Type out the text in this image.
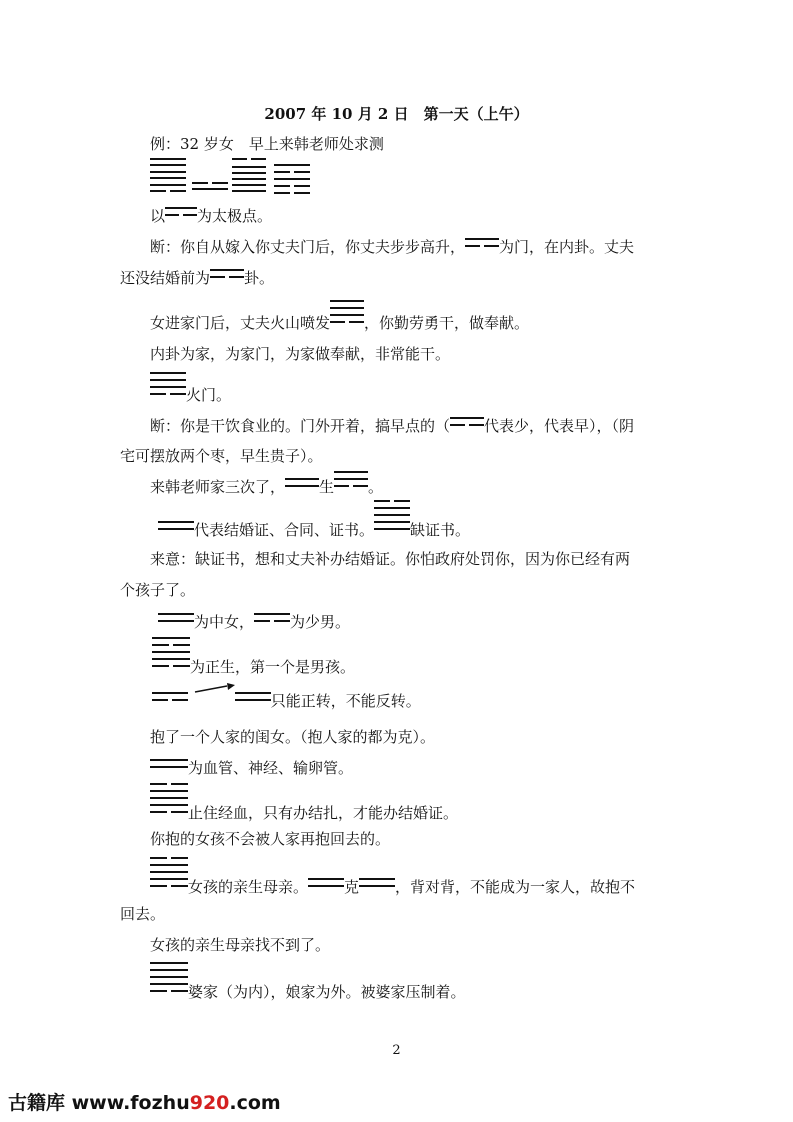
2007 年 10 月 2 日　第一天（上午）
例：32 岁女　早上来韩老师处求测
以 为太极点。
断：你自从嫁入你丈夫门后，你丈夫步步高升， 为门，在内卦。丈夫
还没结婚前为 卦。
女进家门后，丈夫火山喷发 ，你勤劳勇干，做奉献。
内卦为家，为家门，为家做奉献，非常能干。
火门。
断：你是干饮食业的。门外开着，搞早点的（ 代表少，代表早），（阴
宅可摆放两个枣，早生贵子）。
来韩老师家三次了， 生 。
代表结婚证、合同、证书。 缺证书。
来意：缺证书，想和丈夫补办结婚证。你怕政府处罚你，因为你已经有两
个孩子了。
为中女， 为少男。
为正生，第一个是男孩。

只能正转，不能反转。
抱了一个人家的闺女。（抱人家的都为克）。
为血管、神经、输卵管。
止住经血，只有办结扎，才能办结婚证。
你抱的女孩不会被人家再抱回去的。
女孩的亲生母亲。 克 ，背对背，不能成为一家人，故抱不
回去。
女孩的亲生母亲找不到了。
婆家（为内），娘家为外。被婆家压制着。
2
古籍库 www.fozhu920.com
